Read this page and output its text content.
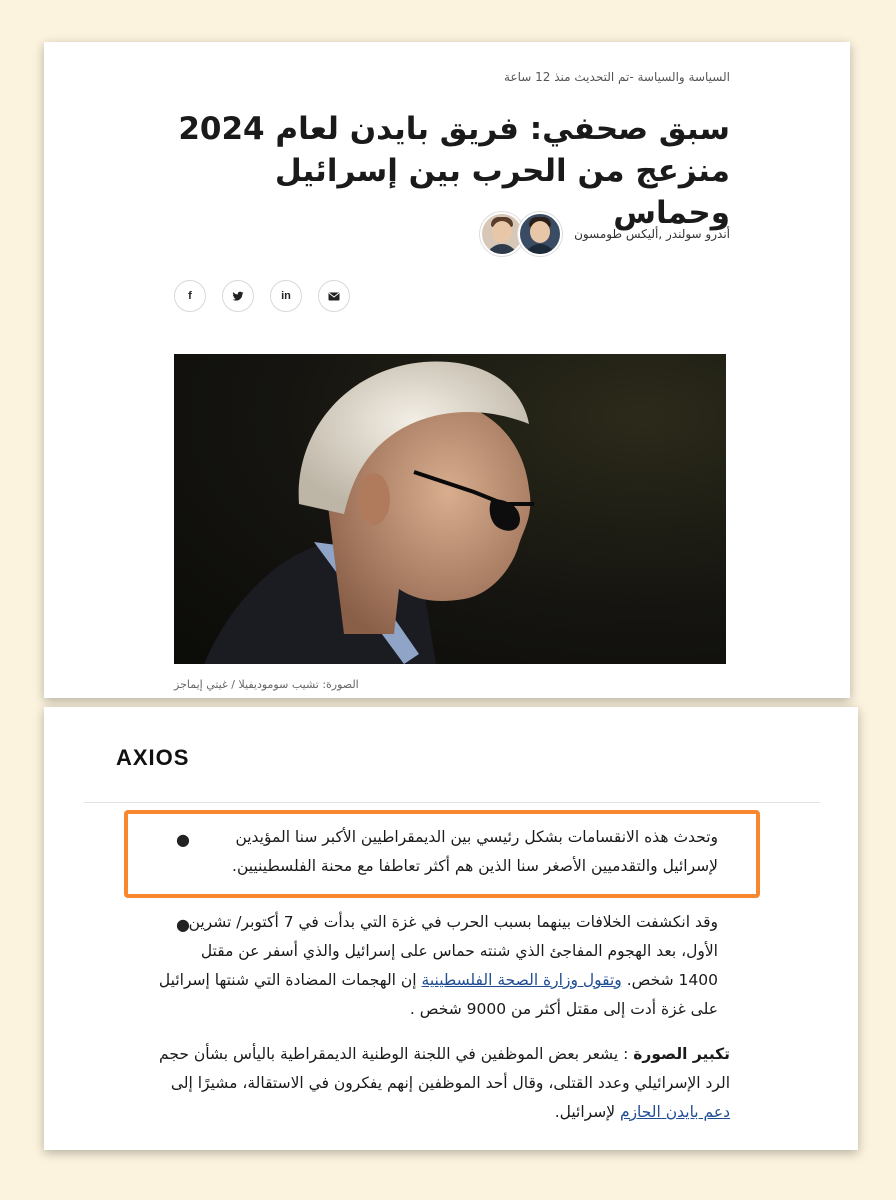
السياسة والسياسة -تم التحديث منذ 12 ساعة
سبق صحفي: فريق بايدن لعام 2024 منزعج من الحرب بين إسرائيل وحماس
أندرو سولندر ,أليكس طومسون
f	in
الصورة: تشيب سوموديفيلا / غيتي إيماجز
AXIOS
●	وتحدث هذه الانقسامات بشكل رئيسي بين الديمقراطيين الأكبر سنا المؤيدين لإسرائيل والتقدميين الأصغر سنا الذين هم أكثر تعاطفا مع محنة الفلسطينيين.
●
وقد انكشفت الخلافات بينهما بسبب الحرب في غزة التي بدأت في 7 أكتوبر/ تشرين الأول، بعد الهجوم المفاجئ الذي شنته حماس على إسرائيل والذي أسفر عن مقتل 1400 شخص. وتقول وزارة الصحة الفلسطينية إن الهجمات المضادة التي شنتها إسرائيل على غزة أدت إلى مقتل أكثر من 9000 شخص .
تكبير الصورة : يشعر بعض الموظفين في اللجنة الوطنية الديمقراطية باليأس بشأن حجم الرد الإسرائيلي وعدد القتلى، وقال أحد الموظفين إنهم يفكرون في الاستقالة، مشيرًا إلى دعم بايدن الحازم لإسرائيل.
